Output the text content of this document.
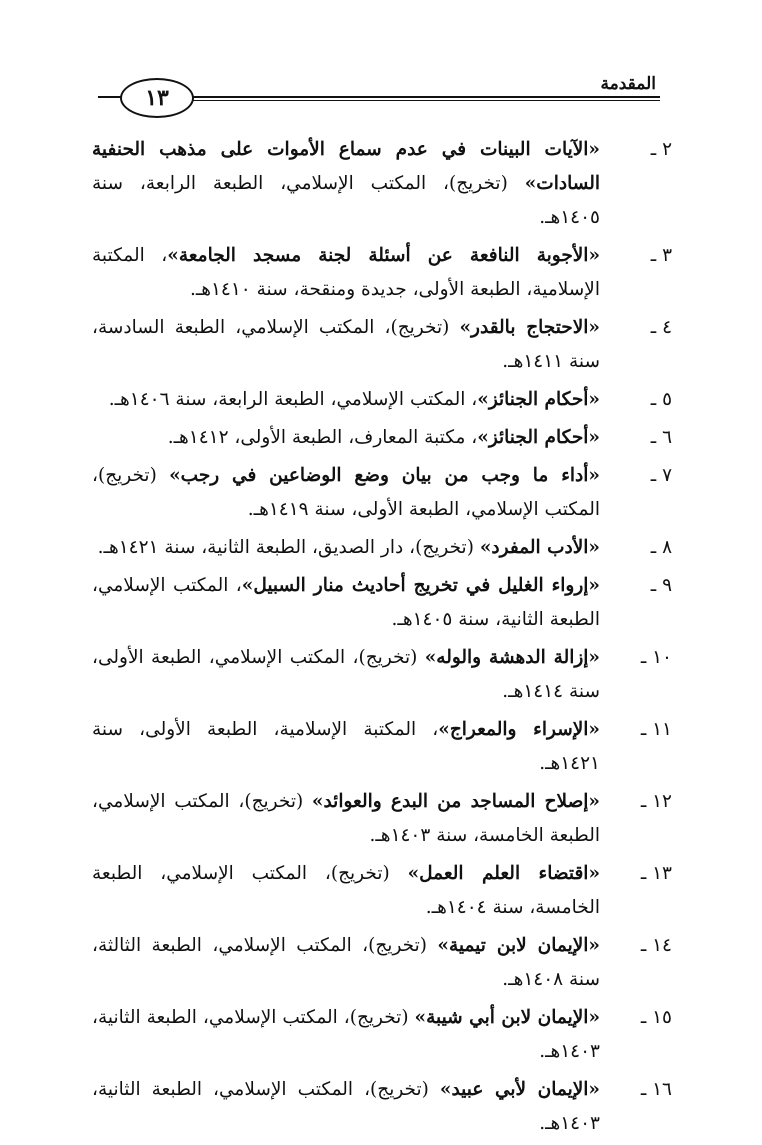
المقدمة
١٣
٢ ـ
«الآيات البينات في عدم سماع الأموات على مذهب الحنفية السادات» (تخريج)، المكتب الإسلامي، الطبعة الرابعة، سنة ١٤٠٥هـ.
٣ ـ
«الأجوبة النافعة عن أسئلة لجنة مسجد الجامعة»، المكتبة الإسلامية، الطبعة الأولى، جديدة ومنقحة، سنة ١٤١٠هـ.
٤ ـ
«الاحتجاج بالقدر» (تخريج)، المكتب الإسلامي، الطبعة السادسة، سنة ١٤١١هـ.
٥ ـ
«أحكام الجنائز»، المكتب الإسلامي، الطبعة الرابعة، سنة ١٤٠٦هـ.
٦ ـ
«أحكام الجنائز»، مكتبة المعارف، الطبعة الأولى، ١٤١٢هـ.
٧ ـ
«أداء ما وجب من بيان وضع الوضاعين في رجب» (تخريج)، المكتب الإسلامي، الطبعة الأولى، سنة ١٤١٩هـ.
٨ ـ
«الأدب المفرد» (تخريج)، دار الصديق، الطبعة الثانية، سنة ١٤٢١هـ.
٩ ـ
«إرواء الغليل في تخريج أحاديث منار السبيل»، المكتب الإسلامي، الطبعة الثانية، سنة ١٤٠٥هـ.
١٠ ـ
«إزالة الدهشة والوله» (تخريج)، المكتب الإسلامي، الطبعة الأولى، سنة ١٤١٤هـ.
١١ ـ
«الإسراء والمعراج»، المكتبة الإسلامية، الطبعة الأولى، سنة ١٤٢١هـ.
١٢ ـ
«إصلاح المساجد من البدع والعوائد» (تخريج)، المكتب الإسلامي، الطبعة الخامسة، سنة ١٤٠٣هـ.
١٣ ـ
«اقتضاء العلم العمل» (تخريج)، المكتب الإسلامي، الطبعة الخامسة، سنة ١٤٠٤هـ.
١٤ ـ
«الإيمان لابن تيمية» (تخريج)، المكتب الإسلامي، الطبعة الثالثة، سنة ١٤٠٨هـ.
١٥ ـ
«الإيمان لابن أبي شيبة» (تخريج)، المكتب الإسلامي، الطبعة الثانية، ١٤٠٣هـ.
١٦ ـ
«الإيمان لأبي عبيد» (تخريج)، المكتب الإسلامي، الطبعة الثانية، ١٤٠٣هـ.
